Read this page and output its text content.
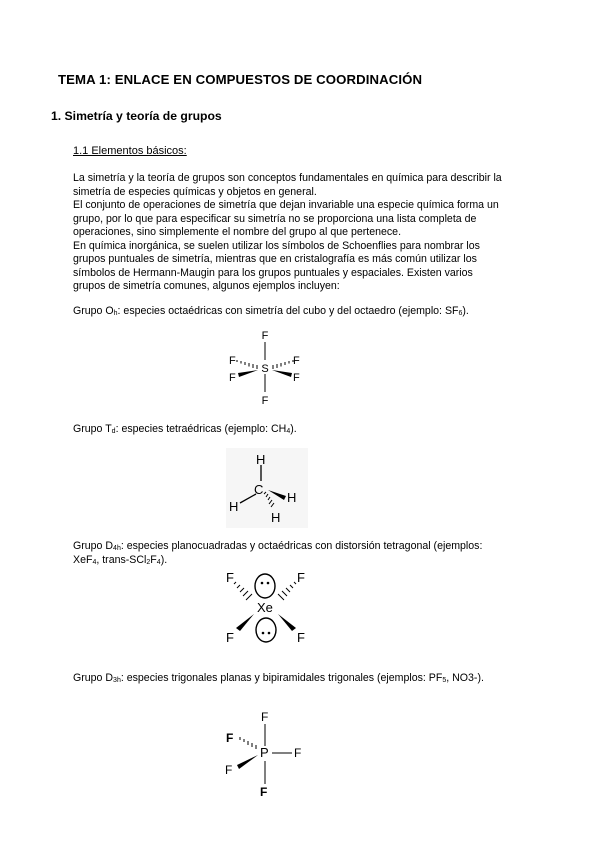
TEMA 1: ENLACE EN COMPUESTOS DE COORDINACIÓN
1. Simetría y teoría de grupos
1.1 Elementos básicos:
La simetría y la teoría de grupos son conceptos fundamentales en química para describir la
simetría de especies químicas y objetos en general.
El conjunto de operaciones de simetría que dejan invariable una especie química forma un
grupo, por lo que para especificar su simetría no se proporciona una lista completa de
operaciones, sino simplemente el nombre del grupo al que pertenece.
En química inorgánica, se suelen utilizar los símbolos de Schoenflies para nombrar los
grupos puntuales de simetría, mientras que en cristalografía es más común utilizar los
símbolos de Hermann-Maugin para los grupos puntuales y espaciales. Existen varios
grupos de simetría comunes, algunos ejemplos incluyen:
Grupo $O_h$: especies octaédricas con simetría del cubo y del octaedro (ejemplo: $SF_6$).
F
F
S
F	F
F	F
Grupo $T_d$: especies tetraédricas (ejemplo: $CH_4$).
H
C
H
H
H
Grupo $D_{4h}$: especies planocuadradas y octaédricas con distorsión tetragonal (ejemplos:
XeF$_4$, trans-$SCl_2F_4$).
F	F
Xe
F	F
Grupo $D_{3h}$: especies trigonales planas y bipiramidales trigonales (ejemplos: $PF_5$, NO3-).
F
F
P F
F
F
